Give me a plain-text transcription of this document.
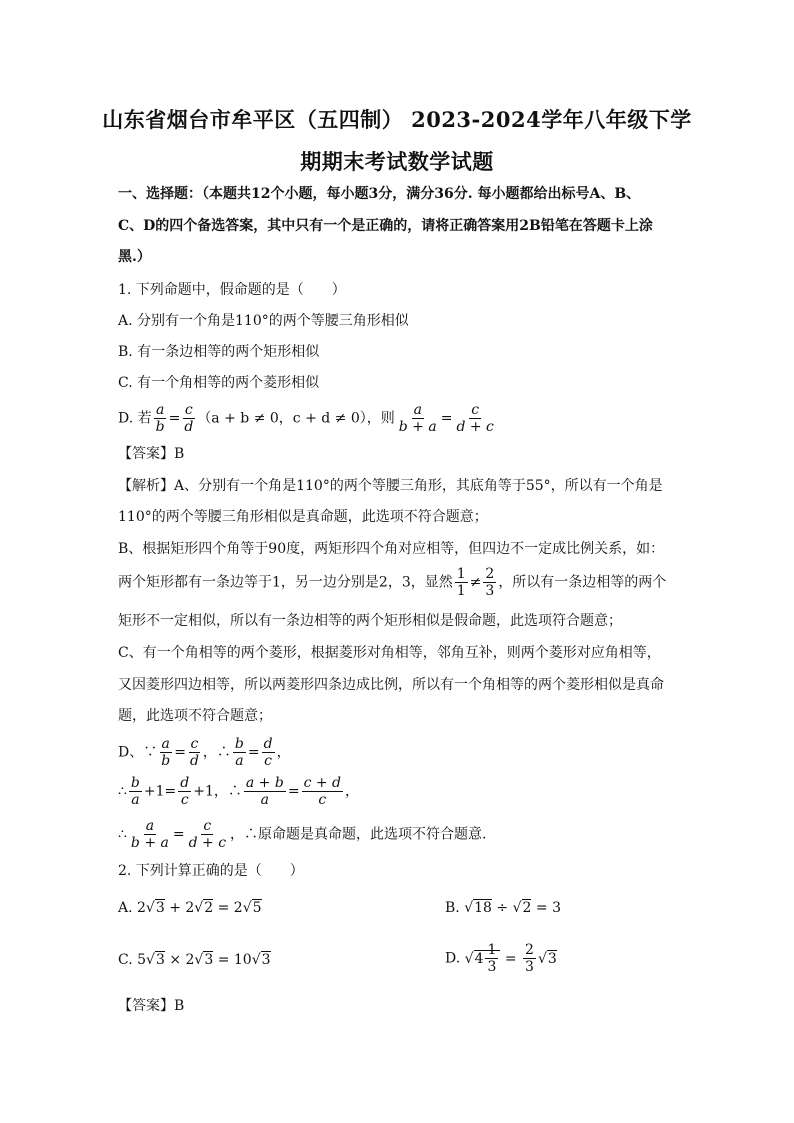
山东省烟台市牟平区（五四制） 2023-2024学年八年级下学
期期末考试数学试题
一、选择题：（本题共12个小题，每小题3分，满分36分. 每小题都给出标号A、B、
C、D的四个备选答案，其中只有一个是正确的，请将正确答案用2B铅笔在答题卡上涂
黑.）
1. 下列命题中，假命题的是（　　）
A. 分别有一个角是110°的两个等腰三角形相似
B. 有一条边相等的两个矩形相似
C. 有一个角相等的两个菱形相似
D. 若 $\frac{a}{b} = \frac{c}{d} (a + b \ne 0$，c + d ≠ 0），则 $\frac{a}{b + a} = \frac{c}{d + c}$
【答案】B
【解析】A、分别有一个角是110°的两个等腰三角形，其底角等于55°，所以有一个角是
110°的两个等腰三角形相似是真命题，此选项不符合题意；
B、根据矩形四个角等于90度，两矩形四个角对应相等，但四边不一定成比例关系，如：
两个矩形都有一条边等于1，另一边分别是2，3，显然 $\frac{1}{1} \ne \frac{2}{3}$ ，所以有一条边相等的两个
矩形不一定相似，所以有一条边相等的两个矩形相似是假命题，此选项符合题意；
C、有一个角相等的两个菱形，根据菱形对角相等，邻角互补，则两个菱形对应角相等，
又因菱形四边相等，所以两菱形四条边成比例，所以有一个角相等的两个菱形相似是真命
题，此选项不符合题意；
D、∵ $\frac{a}{b} = \frac{c}{d}$ ，∴ $\frac{b}{a} = \frac{d}{c}$ ，
∴ $\frac{b}{a} +1= \frac{d}{c} +1$，∴ $\frac{a + b}{a} = \frac{c + d}{c}$ ，
∴ $\frac{a}{b + a} = \frac{c}{d + c}$ ，∴原命题是真命题，此选项不符合题意.
2. 下列计算正确的是（　　）
A. 2√3 + 2√2 = 2√5	B. √18 ÷ √2 = 3
C. 5√3 × 2√3 = 10√3	D. $√4 \frac{1}{3} = \frac{2}{3} √3$
【答案】B
